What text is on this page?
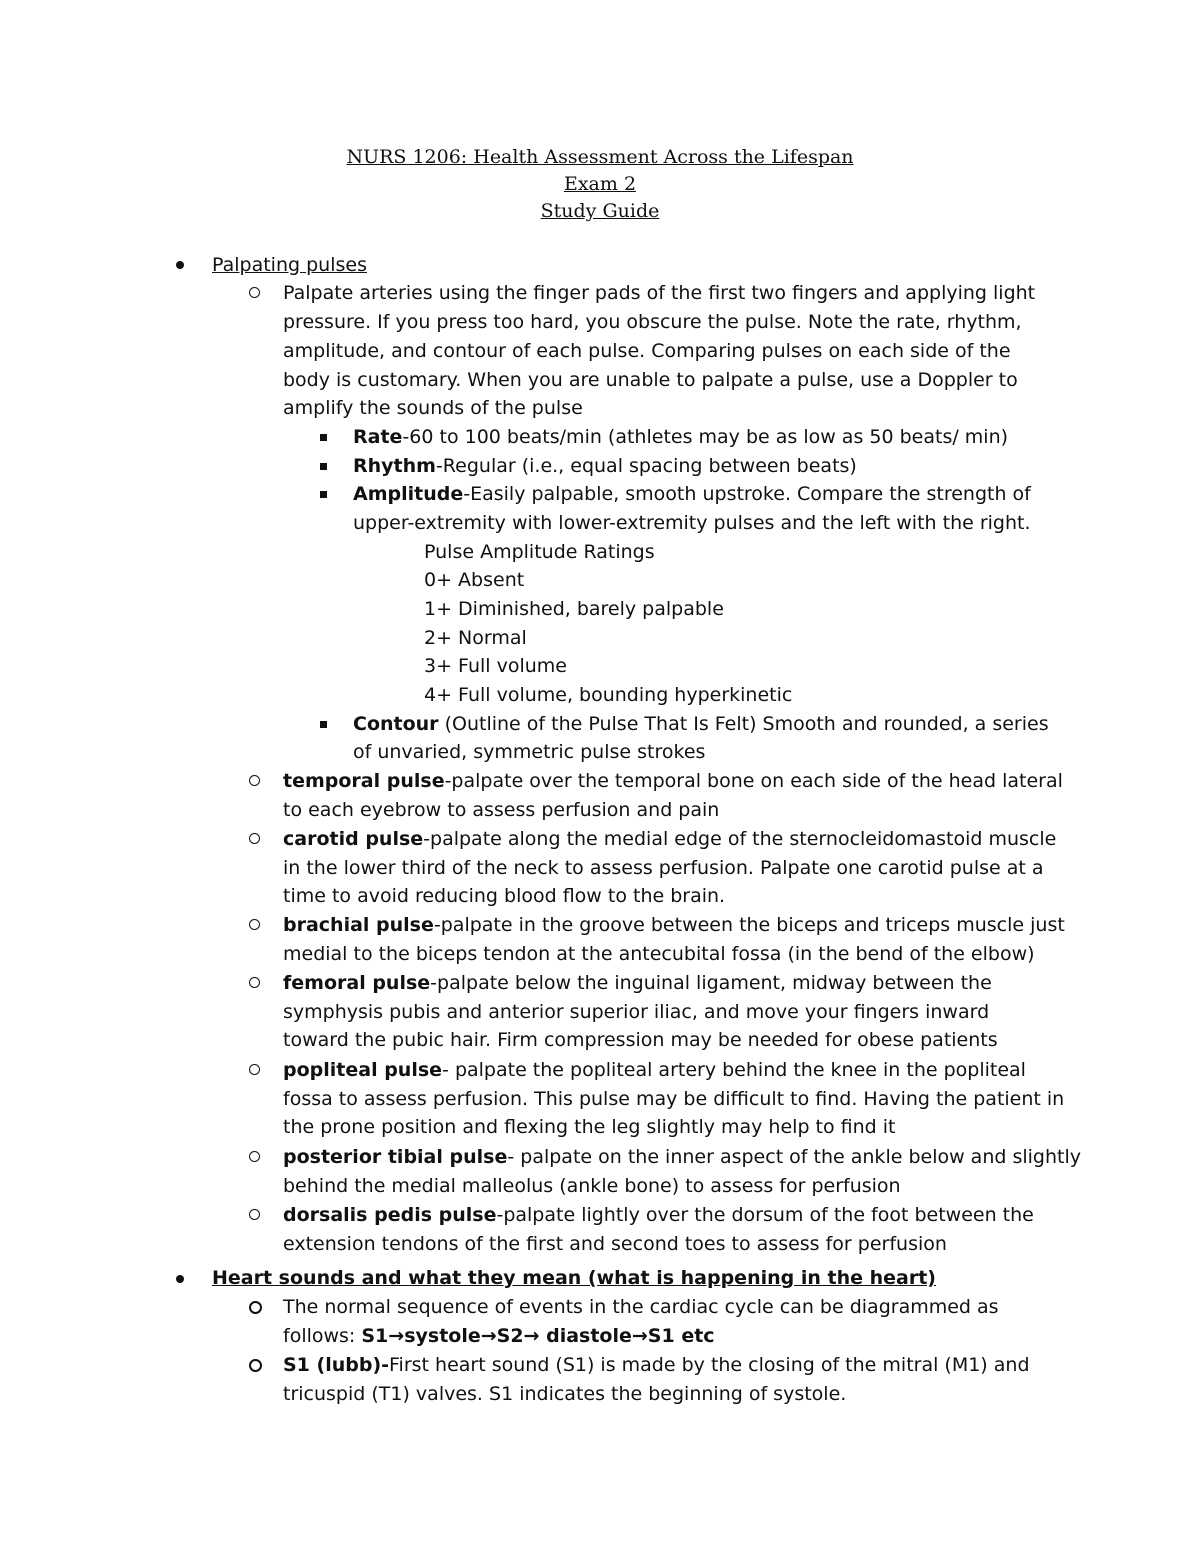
NURS 1206: Health Assessment Across the Lifespan
Exam 2
Study Guide
Palpating pulses
Palpate arteries using the finger pads of the first two fingers and applying light
pressure. If you press too hard, you obscure the pulse. Note the rate, rhythm,
amplitude, and contour of each pulse. Comparing pulses on each side of the
body is customary. When you are unable to palpate a pulse, use a Doppler to
amplify the sounds of the pulse
Rate-60 to 100 beats/min (athletes may be as low as 50 beats/ min)
Rhythm-Regular (i.e., equal spacing between beats)
Amplitude-Easily palpable, smooth upstroke. Compare the strength of
upper-extremity with lower-extremity pulses and the left with the right.
Pulse Amplitude Ratings
0+ Absent
1+ Diminished, barely palpable
2+ Normal
3+ Full volume
4+ Full volume, bounding hyperkinetic
Contour (Outline of the Pulse That Is Felt) Smooth and rounded, a series
of unvaried, symmetric pulse strokes
temporal pulse-palpate over the temporal bone on each side of the head lateral
to each eyebrow to assess perfusion and pain
carotid pulse-palpate along the medial edge of the sternocleidomastoid muscle
in the lower third of the neck to assess perfusion. Palpate one carotid pulse at a
time to avoid reducing blood flow to the brain.
brachial pulse-palpate in the groove between the biceps and triceps muscle just
medial to the biceps tendon at the antecubital fossa (in the bend of the elbow)
femoral pulse-palpate below the inguinal ligament, midway between the
symphysis pubis and anterior superior iliac, and move your fingers inward
toward the pubic hair. Firm compression may be needed for obese patients
popliteal pulse- palpate the popliteal artery behind the knee in the popliteal
fossa to assess perfusion. This pulse may be difficult to find. Having the patient in
the prone position and flexing the leg slightly may help to find it
posterior tibial pulse- palpate on the inner aspect of the ankle below and slightly
behind the medial malleolus (ankle bone) to assess for perfusion
dorsalis pedis pulse-palpate lightly over the dorsum of the foot between the
extension tendons of the first and second toes to assess for perfusion
Heart sounds and what they mean (what is happening in the heart)
The normal sequence of events in the cardiac cycle can be diagrammed as
follows: S1→systole→S2→ diastole→S1 etc
S1 (lubb)-First heart sound (S1) is made by the closing of the mitral (M1) and
tricuspid (T1) valves. S1 indicates the beginning of systole.
